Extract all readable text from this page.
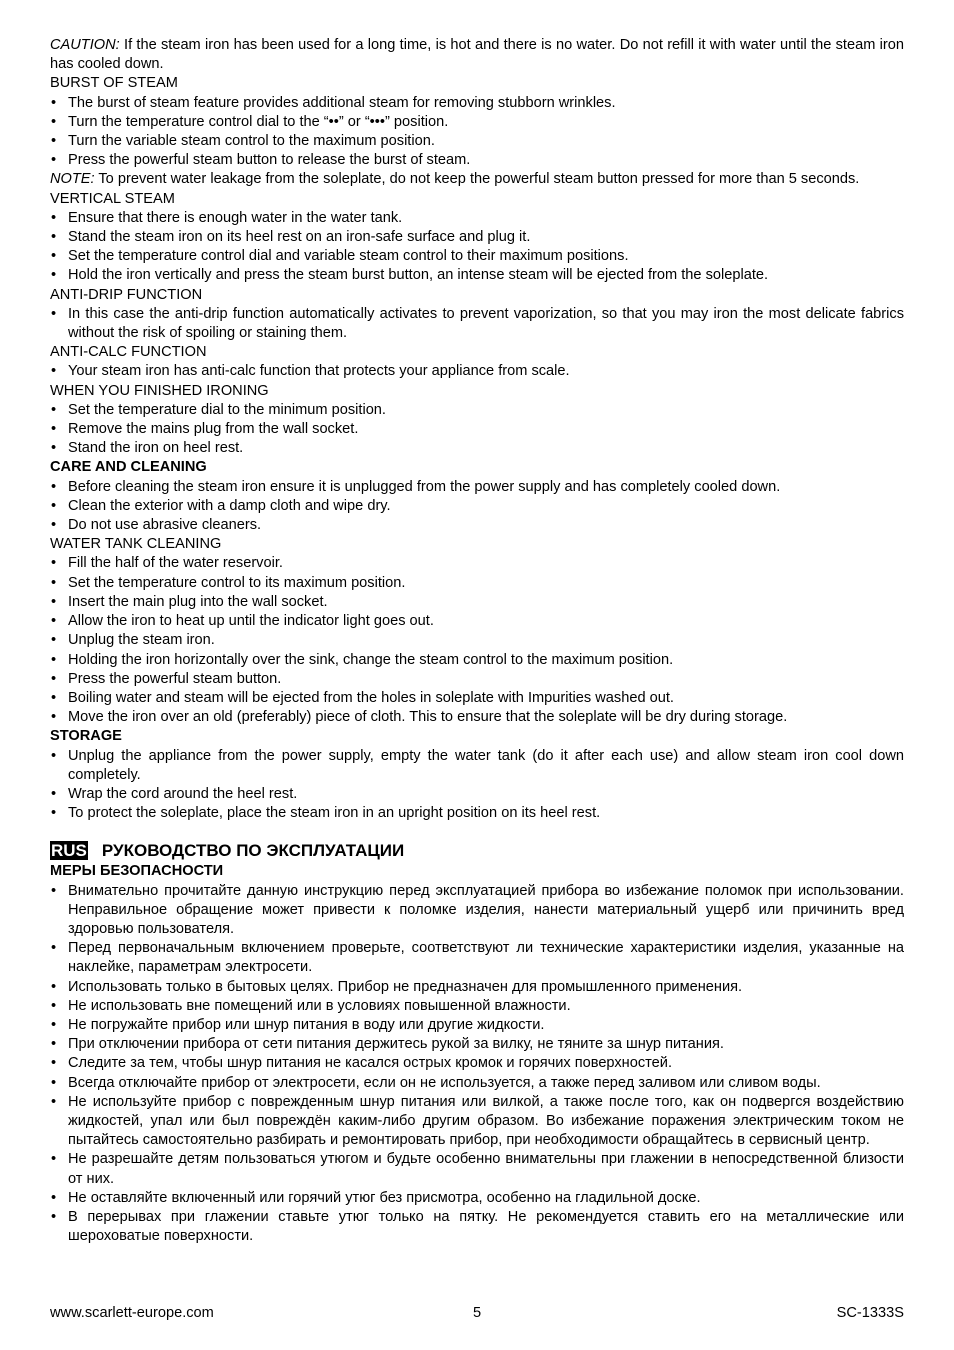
CAUTION: If the steam iron has been used for a long time, is hot and there is no water. Do not refill it with water until the steam iron has cooled down.

BURST OF STEAM
• The burst of steam feature provides additional steam for removing stubborn wrinkles.
• Turn the temperature control dial to the “••” or “•••” position.
• Turn the variable steam control to the maximum position.
• Press the powerful steam button to release the burst of steam.

NOTE: To prevent water leakage from the soleplate, do not keep the powerful steam button pressed for more than 5 seconds.

VERTICAL STEAM
• Ensure that there is enough water in the water tank.
• Stand the steam iron on its heel rest on an iron-safe surface and plug it.
• Set the temperature control dial and variable steam control to their maximum positions.
• Hold the iron vertically and press the steam burst button, an intense steam will be ejected from the soleplate.
ANTI-DRIP FUNCTION
• In this case the anti-drip function automatically activates to prevent vaporization, so that you may iron the most delicate fabrics without the risk of spoiling or staining them.
ANTI-CALC FUNCTION
• Your steam iron has anti-calc function that protects your appliance from scale.
WHEN YOU FINISHED IRONING
• Set the temperature dial to the minimum position.
• Remove the mains plug from the wall socket.
• Stand the iron on heel rest.
CARE AND CLEANING
• Before cleaning the steam iron ensure it is unplugged from the power supply and has completely cooled down.
• Clean the exterior with a damp cloth and wipe dry.
• Do not use abrasive cleaners.
WATER TANK CLEANING
• Fill the half of the water reservoir.
• Set the temperature control to its maximum position.
• Insert the main plug into the wall socket.
• Allow the iron to heat up until the indicator light goes out.
• Unplug the steam iron.
• Holding the iron horizontally over the sink, change the steam control to the maximum position.
• Press the powerful steam button.
• Boiling water and steam will be ejected from the holes in soleplate with Impurities washed out.
• Move the iron over an old (preferably) piece of cloth. This to ensure that the soleplate will be dry during storage.
STORAGE
• Unplug the appliance from the power supply, empty the water tank (do it after each use) and allow steam iron cool down completely.
• Wrap the cord around the heel rest.
• To protect the soleplate, place the steam iron in an upright position on its heel rest.
RUS РУКОВОДСТВО ПО ЭКСПЛУАТАЦИИ
МЕРЫ БЕЗОПАСНОСТИ
• Внимательно прочитайте данную инструкцию перед эксплуатацией прибора во избежание поломок при использовании. Неправильное обращение может привести к поломке изделия, нанести материальный ущерб или причинить вред здоровью пользователя.
• Перед первоначальным включением проверьте, соответствуют ли технические характеристики изделия, указанные на наклейке, параметрам электросети.
• Использовать только в бытовых целях. Прибор не предназначен для промышленного применения.
• Не использовать вне помещений или в условиях повышенной влажности.
• Не погружайте прибор или шнур питания в воду или другие жидкости.
• При отключении прибора от сети питания держитесь рукой за вилку, не тяните за шнур питания.
• Следите за тем, чтобы шнур питания не касался острых кромок и горячих поверхностей.
• Всегда отключайте прибор от электросети, если он не используется, а также перед заливом или сливом воды.
• Не используйте прибор с поврежденным шнур питания или вилкой, а также после того, как он подвергся воздействию жидкостей, упал или был повреждён каким-либо другим образом. Во избежание поражения электрическим током не пытайтесь самостоятельно разбирать и ремонтировать прибор, при необходимости обращайтесь в сервисный центр.
• Не разрешайте детям пользоваться утюгом и будьте особенно внимательны при глажении в непосредственной близости от них.
• Не оставляйте включенный или горячий утюг без присмотра, особенно на гладильной доске.
• В перерывах при глажении ставьте утюг только на пятку. Не рекомендуется ставить его на металлические или шероховатые поверхности.
www.scarlett-europe.com	5	SC-1333S
